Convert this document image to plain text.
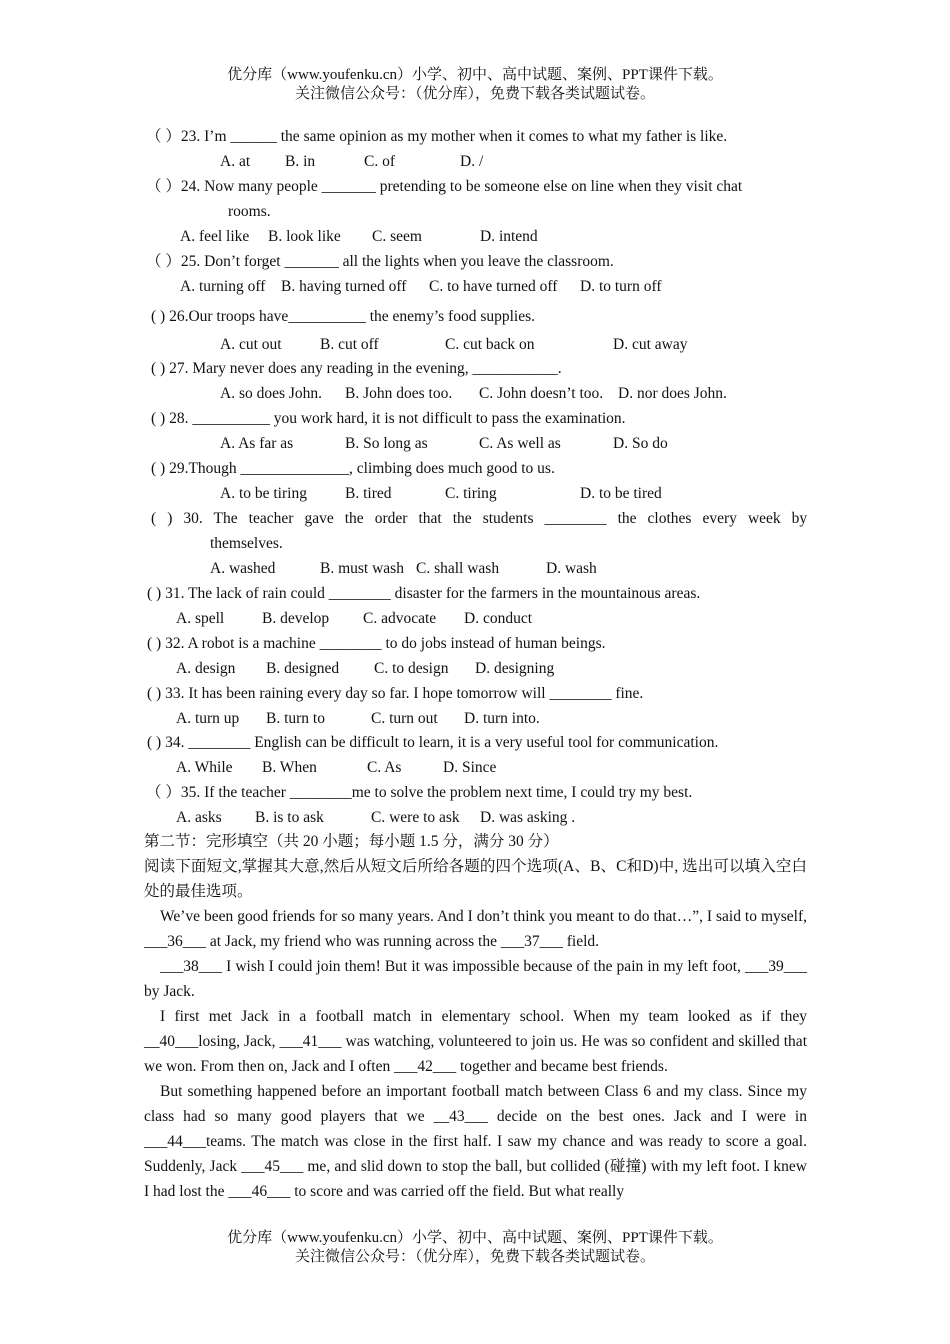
优分库（www.youfenku.cn）小学、初中、高中试题、案例、PPT课件下载。
关注微信公众号：（优分库），免费下载各类试题试卷。
（ ）23. I’m ______ the same opinion as my mother when it comes to what my father is like.
A. at B. in	C. of	D. /
（ ）24. Now many people _______ pretending to be someone else on line when they visit chat
rooms.
A. feel like B. look like C. seem	D. intend
（ ）25. Don’t forget _______ all the lights when you leave the classroom.
A. turning off B. having turned off C. to have turned off D. to turn off
( ) 26.Our troops have__________ the enemy’s food supplies.
A. cut out B. cut off	C. cut back on	D. cut away
( ) 27. Mary never does any reading in the evening, ___________.
A. so does John. B. John does too. C. John doesn’t too. D. nor does John.
( ) 28. __________ you work hard, it is not difficult to pass the examination.
A. As far as	B. So long as	C. As well as	D. So do
( ) 29.Though ______________, climbing does much good to us.
A. to be tiring B. tired	C. tiring	D. to be tired
( ) 30. The teacher gave the order that the students ________ the clothes every week by
themselves.
A. washed	B. must wash C. shall wash	D. wash
( ) 31. The lack of rain could ________ disaster for the farmers in the mountainous areas.
A. spell B. develop C. advocate D. conduct
( ) 32. A robot is a machine ________ to do jobs instead of human beings.
A. design B. designed C. to design D. designing
( ) 33. It has been raining every day so far. I hope tomorrow will ________ fine.
A. turn up B. turn to	C. turn out D. turn into.
( ) 34. ________ English can be difficult to learn, it is a very useful tool for communication.
A. While B. When	C. As	D. Since
（ ）35. If the teacher ________me to solve the problem next time, I could try my best.
A. asks B. is to ask	C. were to ask D. was asking .
第二节：完形填空（共 20 小题；每小题 1.5 分，满分 30 分）
阅读下面短文,掌握其大意,然后从短文后所给各题的四个选项(A、B、C和D)中, 选出可以填入空白处的最佳选项。
We’ve been good friends for so many years. And I don’t think you meant to do that…”, I said to myself, ___36___ at Jack, my friend who was running across the ___37___ field.
___38___ I wish I could join them! But it was impossible because of the pain in my left foot, ___39___ by Jack.
I first met Jack in a football match in elementary school. When my team looked as if they __40___losing, Jack, ___41___ was watching, volunteered to join us. He was so confident and skilled that we won. From then on, Jack and I often ___42___ together and became best friends.
But something happened before an important football match between Class 6 and my class. Since my class had so many good players that we __43___ decide on the best ones. Jack and I were in ___44___teams. The match was close in the first half. I saw my chance and was ready to score a goal. Suddenly, Jack ___45___ me, and slid down to stop the ball, but collided (碰撞) with my left foot. I knew I had lost the ___46___ to score and was carried off the field. But what really
优分库（www.youfenku.cn）小学、初中、高中试题、案例、PPT课件下载。
关注微信公众号：（优分库），免费下载各类试题试卷。
